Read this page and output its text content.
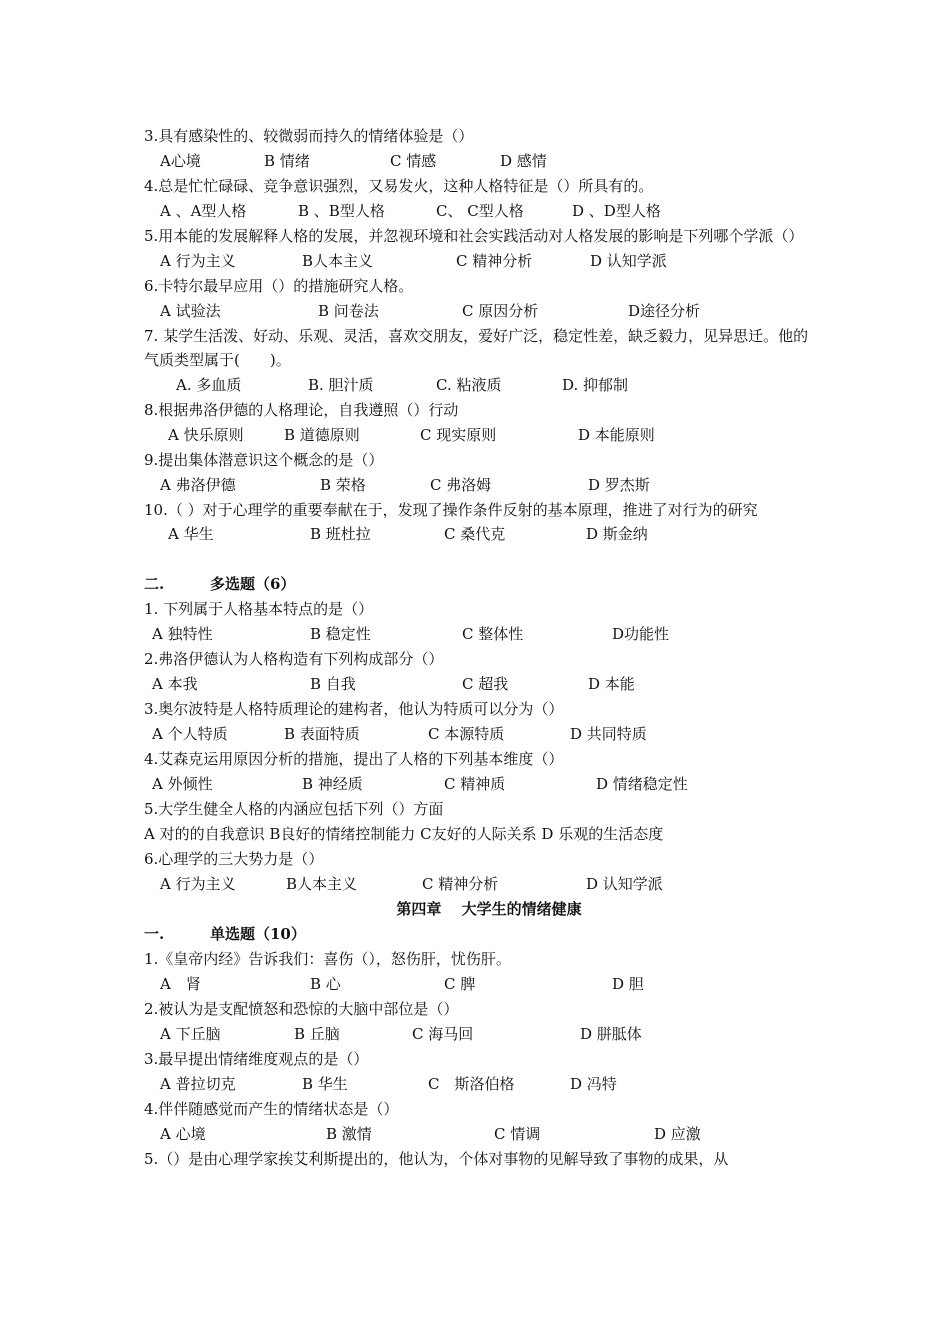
3.具有感染性的、较微弱而持久的情绪体验是（）
A心境	B 情绪	C 情感	D 感情
4.总是忙忙碌碌、竞争意识强烈，又易发火，这种人格特征是（）所具有的。
A 、A型人格	B 、B型人格	C、 C型人格	D 、D型人格
5.用本能的发展解释人格的发展，并忽视环境和社会实践活动对人格发展的影响是下列哪个学派（）
A 行为主义	B人本主义	C 精神分析	D 认知学派
6.卡特尔最早应用（）的措施研究人格。
A 试验法	B 问卷法	C 原因分析	D途径分析
7. 某学生活泼、好动、乐观、灵活，喜欢交朋友，爱好广泛，稳定性差，缺乏毅力，见异思迁。他的气质类型属于(　　)。
A. 多血质	B. 胆汁质	C. 粘液质	D. 抑郁制
8.根据弗洛伊德的人格理论，自我遵照（）行动
A 快乐原则	B 道德原则	C 现实原则	D 本能原则
9.提出集体潜意识这个概念的是（）
A 弗洛伊德	B 荣格	C 弗洛姆	D 罗杰斯
10.（ ）对于心理学的重要奉献在于，发现了操作条件反射的基本原理，推进了对行为的研究
A 华生	B 班杜拉	C 桑代克	D 斯金纳
二.	多选题（6）
1. 下列属于人格基本特点的是（）
A 独特性	B 稳定性	C 整体性	D功能性
2.弗洛伊德认为人格构造有下列构成部分（）
A 本我	B 自我	C 超我	D 本能
3.奥尔波特是人格特质理论的建构者，他认为特质可以分为（）
A 个人特质	B 表面特质	C 本源特质	D 共同特质
4.艾森克运用原因分析的措施，提出了人格的下列基本维度（）
A 外倾性	B 神经质	C 精神质	D 情绪稳定性
5.大学生健全人格的内涵应包括下列（）方面
A 对的的自我意识 B良好的情绪控制能力 C友好的人际关系 D 乐观的生活态度
6.心理学的三大势力是（）
A 行为主义	B人本主义	C 精神分析	D 认知学派
第四章　 大学生的情绪健康
一.	单选题（10）
1.《皇帝内经》告诉我们：喜伤（），怒伤肝，忧伤肝。
A　肾	B 心	C 脾	D 胆
2.被认为是支配愤怒和恐惊的大脑中部位是（）
A 下丘脑	B 丘脑	C 海马回	D 胼胝体
3.最早提出情绪维度观点的是（）
A 普拉切克	B 华生	C　斯洛伯格	D 冯特
4.伴伴随感觉而产生的情绪状态是（）
A 心境	B 激情	C 情调	D 应激
5.（）是由心理学家挨艾利斯提出的，他认为，个体对事物的见解导致了事物的成果，从
